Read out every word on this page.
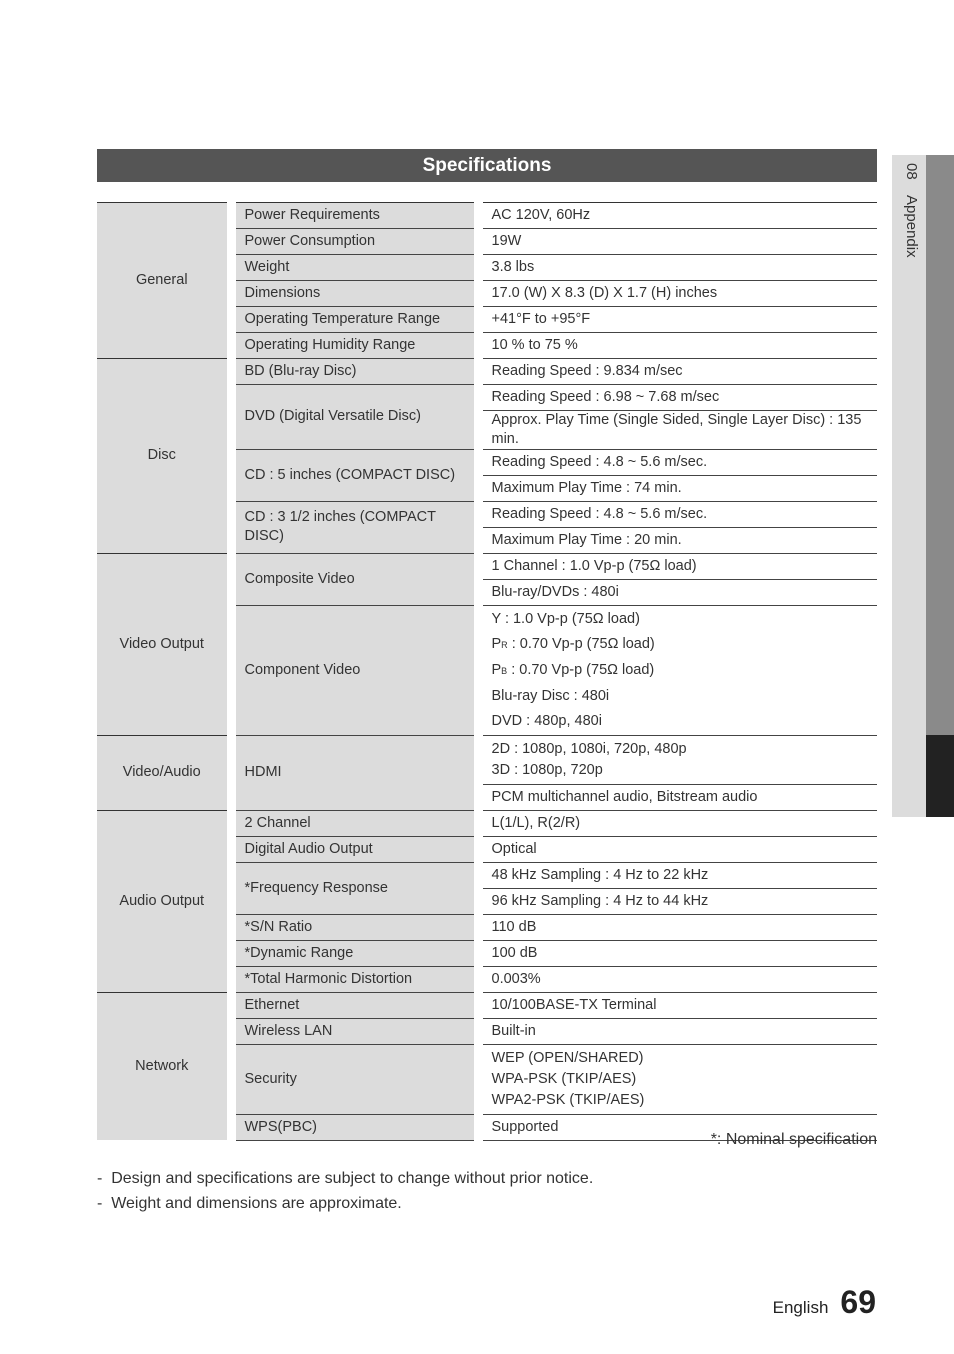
Specifications	08 Appendix
General	Power Requirements	AC 120V, 60Hz
	Power Consumption	19W
	Weight	3.8 lbs
	Dimensions	17.0 (W) X 8.3 (D) X 1.7 (H) inches
	Operating Temperature Range	+41°F to +95°F
	Operating Humidity Range	10 % to 75 %
Disc	BD (Blu-ray Disc)	Reading Speed : 9.834 m/sec
	DVD (Digital Versatile Disc)	Reading Speed : 6.98 ~ 7.68 m/sec
		Approx. Play Time (Single Sided, Single Layer Disc) : 135 min.
	CD : 5 inches (COMPACT DISC)	Reading Speed : 4.8 ~ 5.6 m/sec.
		Maximum Play Time : 74 min.
	CD : 3 1/2 inches (COMPACT DISC)	Reading Speed : 4.8 ~ 5.6 m/sec.
		Maximum Play Time : 20 min.
Video Output	Composite Video	1 Channel : 1.0 Vp-p (75Ω load)
		Blu-ray/DVDs : 480i
	Component Video	Y : 1.0 Vp-p (75Ω load)
PR : 0.70 Vp-p (75Ω load)
PB : 0.70 Vp-p (75Ω load)
Blu-ray Disc : 480i
DVD : 480p, 480i

Video/Audio	HDMI	2D : 1080p, 1080i, 720p, 480p
3D : 1080p, 720p

		PCM multichannel audio, Bitstream audio
Audio Output	2 Channel	L(1/L), R(2/R)
	Digital Audio Output	Optical
	*Frequency Response	48 kHz Sampling : 4 Hz to 22 kHz
		96 kHz Sampling : 4 Hz to 44 kHz
	*S/N Ratio	110 dB
	*Dynamic Range	100 dB
	*Total Harmonic Distortion	0.003%
Network	Ethernet	10/100BASE-TX Terminal
	Wireless LAN	Built-in
	Security	WEP (OPEN/SHARED)
WPA-PSK (TKIP/AES)
WPA2-PSK (TKIP/AES)

	WPS(PBC)	Supported
*: Nominal specification
- Design and specifications are subject to change without prior notice.
- Weight and dimensions are approximate.
English 69
